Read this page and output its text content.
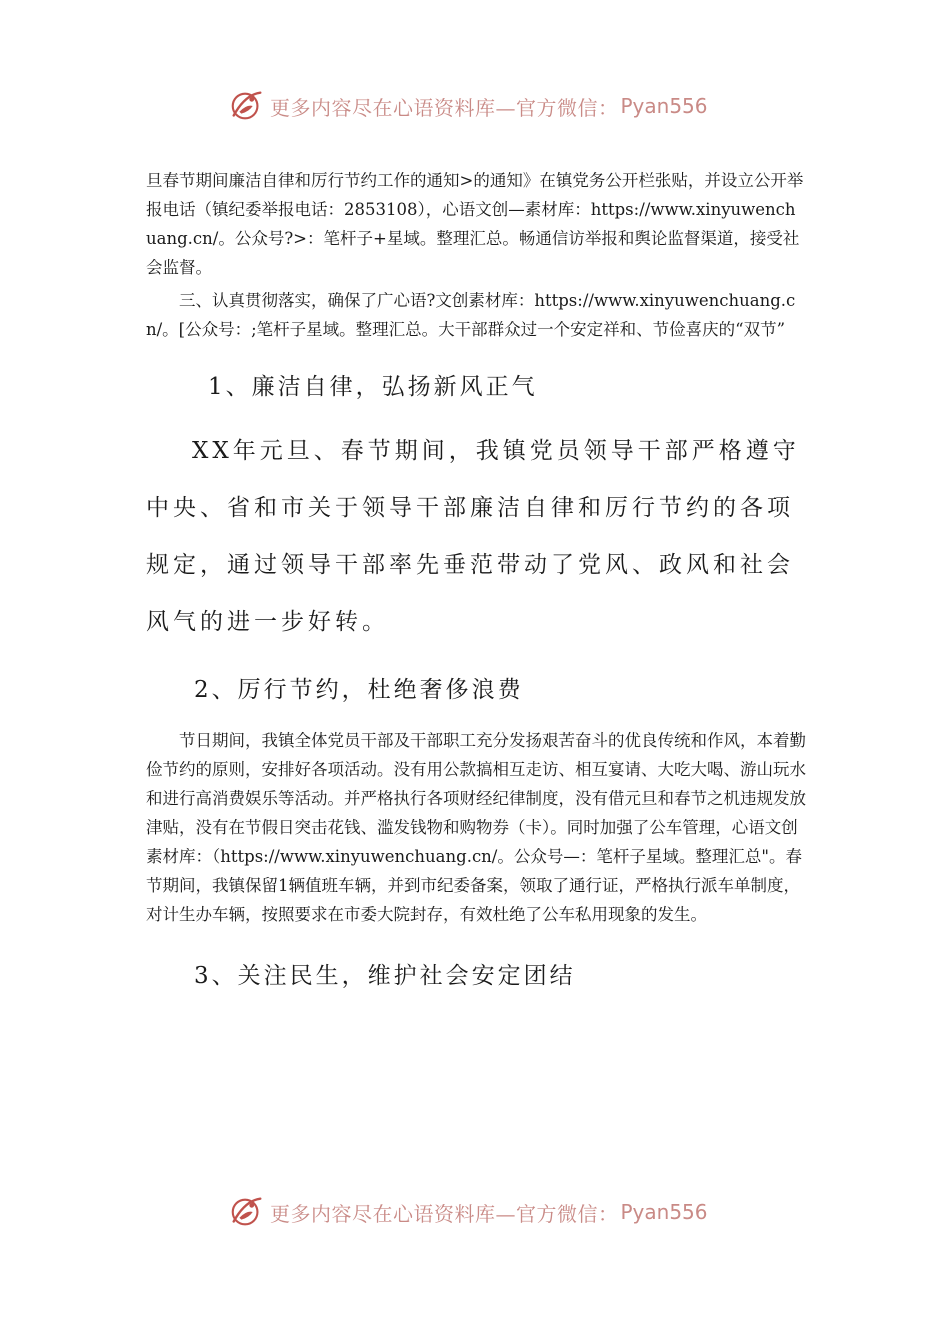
更多内容尽在心语资料库—官方微信： Pyan556

旦春节期间廉洁自律和厉行节约工作的通知>的通知》在镇党务公开栏张贴，并设立公开举报电话（镇纪委举报电话：2853108），心语文创—素材库：https://www.xinyuwenchuang.cn/。公众号?>：笔杆子+星域。整理汇总。畅通信访举报和舆论监督渠道，接受社会监督。

三、认真贯彻落实，确保了广心语?文创素材库：https://www.xinyuwenchuang.cn/。[公众号：;笔杆子星域。整理汇总。大干部群众过一个安定祥和、节俭喜庆的“双节”

1、廉洁自律，弘扬新风正气

XX年元旦、春节期间，我镇党员领导干部严格遵守中央、省和市关于领导干部廉洁自律和厉行节约的各项规定，通过领导干部率先垂范带动了党风、政风和社会风气的进一步好转。

2、厉行节约，杜绝奢侈浪费

节日期间，我镇全体党员干部及干部职工充分发扬艰苦奋斗的优良传统和作风，本着勤俭节约的原则，安排好各项活动。没有用公款搞相互走访、相互宴请、大吃大喝、游山玩水和进行高消费娱乐等活动。并严格执行各项财经纪律制度，没有借元旦和春节之机违规发放津贴，没有在节假日突击花钱、滥发钱物和购物券（卡）。同时加强了公车管理，心语文创素材库：（https://www.xinyuwenchuang.cn/。公众号—：笔杆子星域。整理汇总"。春节期间，我镇保留1辆值班车辆，并到市纪委备案，领取了通行证，严格执行派车单制度，对计生办车辆，按照要求在市委大院封存，有效杜绝了公车私用现象的发生。

3、关注民生，维护社会安定团结

更多内容尽在心语资料库—官方微信： Pyan556
